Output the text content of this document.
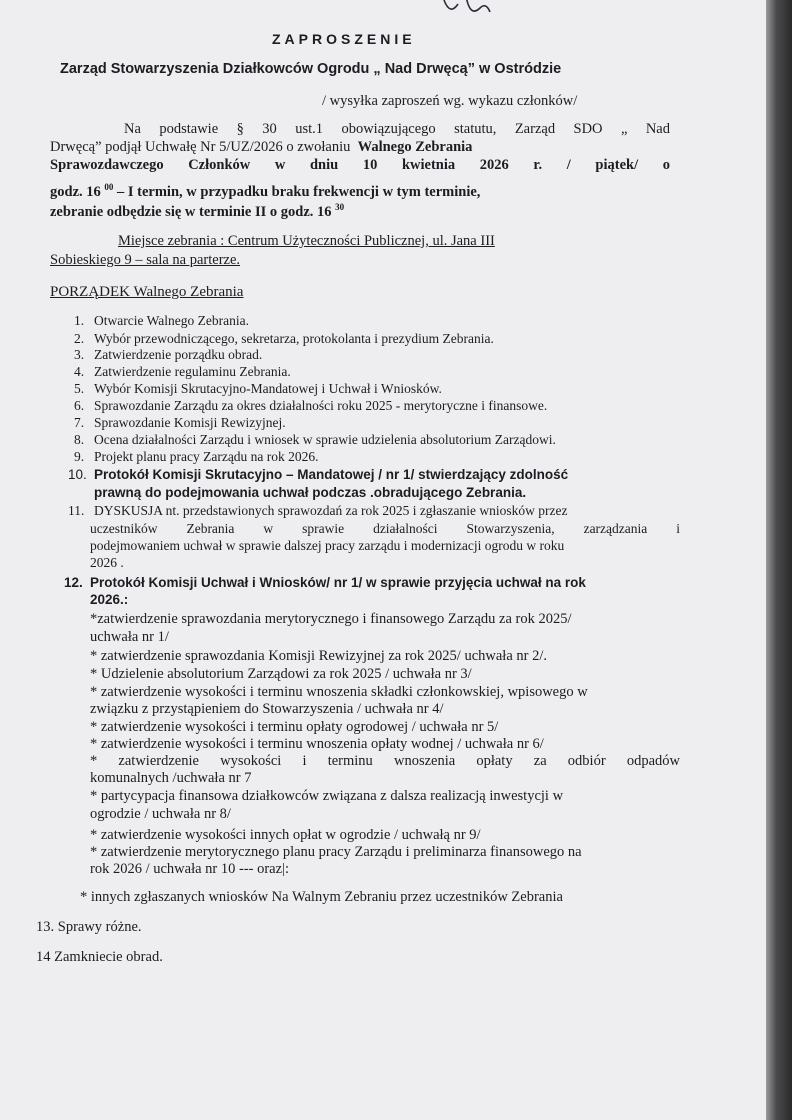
ZAPROSZENIE
Zarząd Stowarzyszenia Działkowców Ogrodu „ Nad Drwęcą” w Ostródzie
/ wysyłka zaproszeń wg. wykazu członków/
Na podstawie § 30 ust.1 obowiązującego statutu, Zarząd SDO „ Nad
Drwęcą” podjął Uchwałę Nr 5/UZ/2026 o zwołaniu Walnego Zebrania
Sprawozdawczego Członków w dniu 10 kwietnia 2026 r. / piątek/ o
godz. 16 $^{00}$ – I termin, w przypadku braku frekwencji w tym terminie,
zebranie odbędzie się w terminie II o godz. 16 $^{30}$
Miejsce zebrania : Centrum Użyteczności Publicznej, ul. Jana III
Sobieskiego 9 – sala na parterze.
PORZĄDEK Walnego Zebrania
1. Otwarcie Walnego Zebrania.
2. Wybór przewodniczącego, sekretarza, protokolanta i prezydium Zebrania.
3. Zatwierdzenie porządku obrad.
4. Zatwierdzenie regulaminu Zebrania.
5. Wybór Komisji Skrutacyjno-Mandatowej i Uchwał i Wniosków.
6. Sprawozdanie Zarządu za okres działalności roku 2025 - merytoryczne i finansowe.
7. Sprawozdanie Komisji Rewizyjnej.
8. Ocena działalności Zarządu i wniosek w sprawie udzielenia absolutorium Zarządowi.
9. Projekt planu pracy Zarządu na rok 2026.
10. Protokół Komisji Skrutacyjno – Mandatowej / nr 1/ stwierdzający zdolność
prawną do podejmowania uchwał podczas .obradującego Zebrania.
11. DYSKUSJA nt. przedstawionych sprawozdań za rok 2025 i zgłaszanie wniosków przez
uczestników Zebrania w sprawie działalności Stowarzyszenia, zarządzania i
podejmowaniem uchwał w sprawie dalszej pracy zarządu i modernizacji ogrodu w roku
2026 .
12. Protokół Komisji Uchwał i Wniosków/ nr 1/ w sprawie przyjęcia uchwał na rok
2026.:
*zatwierdzenie sprawozdania merytorycznego i finansowego Zarządu za rok 2025/
uchwała nr 1/
* zatwierdzenie sprawozdania Komisji Rewizyjnej za rok 2025/ uchwała nr 2/.
* Udzielenie absolutorium Zarządowi za rok 2025 / uchwała nr 3/
* zatwierdzenie wysokości i terminu wnoszenia składki członkowskiej, wpisowego w
związku z przystąpieniem do Stowarzyszenia / uchwała nr 4/
* zatwierdzenie wysokości i terminu opłaty ogrodowej / uchwała nr 5/
* zatwierdzenie wysokości i terminu wnoszenia opłaty wodnej / uchwała nr 6/
* zatwierdzenie wysokości i terminu wnoszenia opłaty za odbiór odpadów
komunalnych /uchwała nr 7
* partycypacja finansowa działkowców związana z dalsza realizacją inwestycji w
ogrodzie / uchwała nr 8/
* zatwierdzenie wysokości innych opłat w ogrodzie / uchwałą nr 9/
* zatwierdzenie merytorycznego planu pracy Zarządu i preliminarza finansowego na
rok 2026 / uchwała nr 10 --- oraz|:
* innych zgłaszanych wniosków Na Walnym Zebraniu przez uczestników Zebrania
13. Sprawy różne.
14 Zamkniecie obrad.
